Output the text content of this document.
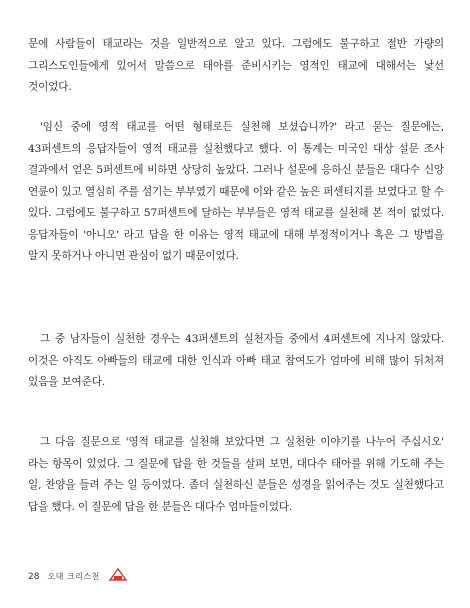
문에 사람들이 태교라는 것을 일반적으로 알고 있다. 그럼에도 불구하고 절반 가량의 그리스도인들에게 있어서 말씀으로 태아를 준비시키는 영적인 태교에 대해서는 낯선 것이었다.

'임신 중에 영적 태교를 어떤 형태로든 실천해 보셨습니까?' 라고 묻는 질문에는, 43퍼센트의 응답자들이 영적 태교를 실천했다고 했다. 이 통계는 미국인 대상 설문 조사 결과에서 얻은 5퍼센트에 비하면 상당히 높았다. 그러나 설문에 응하신 분들은 대다수 신앙 연륜이 있고 열심히 주를 섬기는 부부였기 때문에 이와 같은 높은 퍼센티지를 보였다고 할 수 있다. 그럼에도 불구하고 57퍼센트에 달하는 부부들은 영적 태교를 실천해 본 적이 없었다. 응답자들이 '아니오' 라고 답을 한 이유는 영적 태교에 대해 부정적이거나 혹은 그 방법을 알지 못하거나 아니면 관심이 없기 때문이었다.

그 중 남자들이 실천한 경우는 43퍼센트의 실천자들 중에서 4퍼센트에 지나지 않았다. 이것은 아직도 아빠들의 태교에 대한 인식과 아빠 태교 참여도가 엄마에 비해 많이 뒤처져 있음을 보여준다.

그 다음 질문으로 '영적 태교를 실천해 보았다면 그 실천한 이야기를 나누어 주십시오' 라는 항목이 있었다. 그 질문에 답을 한 것들을 살펴 보면, 대다수 태아를 위해 기도해 주는 일, 찬양을 들려 주는 일 등이었다. 좀더 실천하신 분들은 성경을 읽어주는 것도 실천했다고 답을 했다. 이 질문에 답을 한 분들은 대다수 엄마들이었다.

28 오대 크리스천
